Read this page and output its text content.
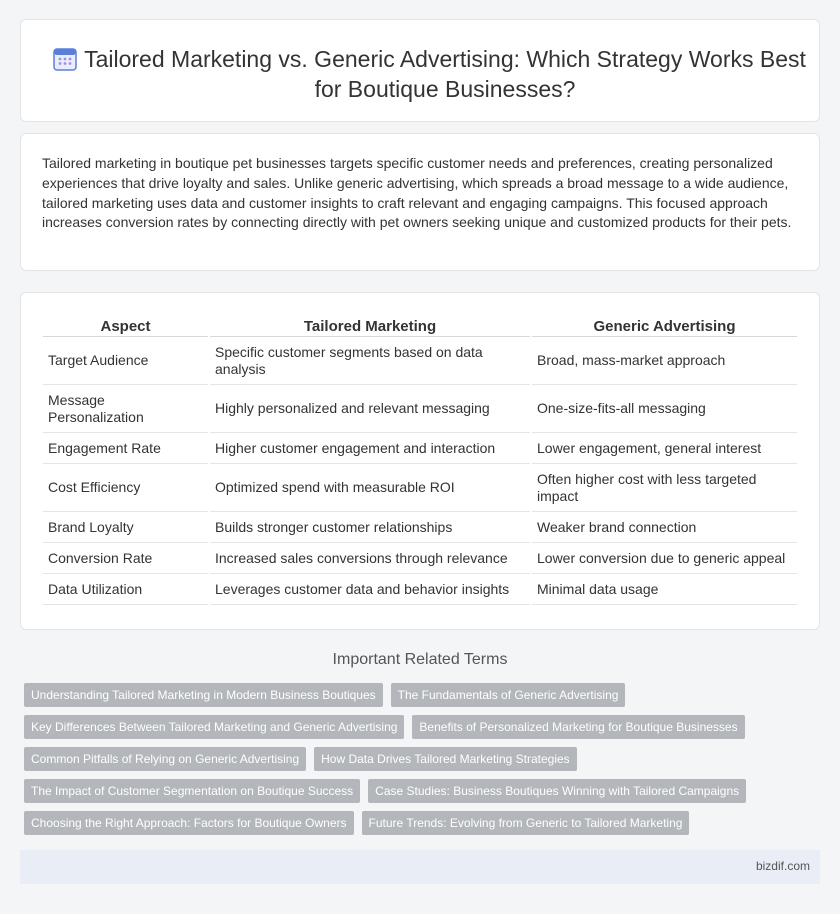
Tailored Marketing vs. Generic Advertising: Which Strategy Works Best for Boutique Businesses?

Tailored marketing in boutique pet businesses targets specific customer needs and preferences, creating personalized experiences that drive loyalty and sales. Unlike generic advertising, which spreads a broad message to a wide audience, tailored marketing uses data and customer insights to craft relevant and engaging campaigns. This focused approach increases conversion rates by connecting directly with pet owners seeking unique and customized products for their pets.

Aspect	Tailored Marketing	Generic Advertising
Target Audience	Specific customer segments based on data analysis	Broad, mass-market approach
Message Personalization	Highly personalized and relevant messaging	One-size-fits-all messaging
Engagement Rate	Higher customer engagement and interaction	Lower engagement, general interest
Cost Efficiency	Optimized spend with measurable ROI	Often higher cost with less targeted impact
Brand Loyalty	Builds stronger customer relationships	Weaker brand connection
Conversion Rate	Increased sales conversions through relevance	Lower conversion due to generic appeal
Data Utilization	Leverages customer data and behavior insights	Minimal data usage
Important Related Terms
Understanding Tailored Marketing in Modern Business Boutiques	The Fundamentals of Generic Advertising
Key Differences Between Tailored Marketing and Generic Advertising	Benefits of Personalized Marketing for Boutique Businesses
Common Pitfalls of Relying on Generic Advertising	How Data Drives Tailored Marketing Strategies
The Impact of Customer Segmentation on Boutique Success	Case Studies: Business Boutiques Winning with Tailored Campaigns
Choosing the Right Approach: Factors for Boutique Owners	Future Trends: Evolving from Generic to Tailored Marketing
bizdif.com
